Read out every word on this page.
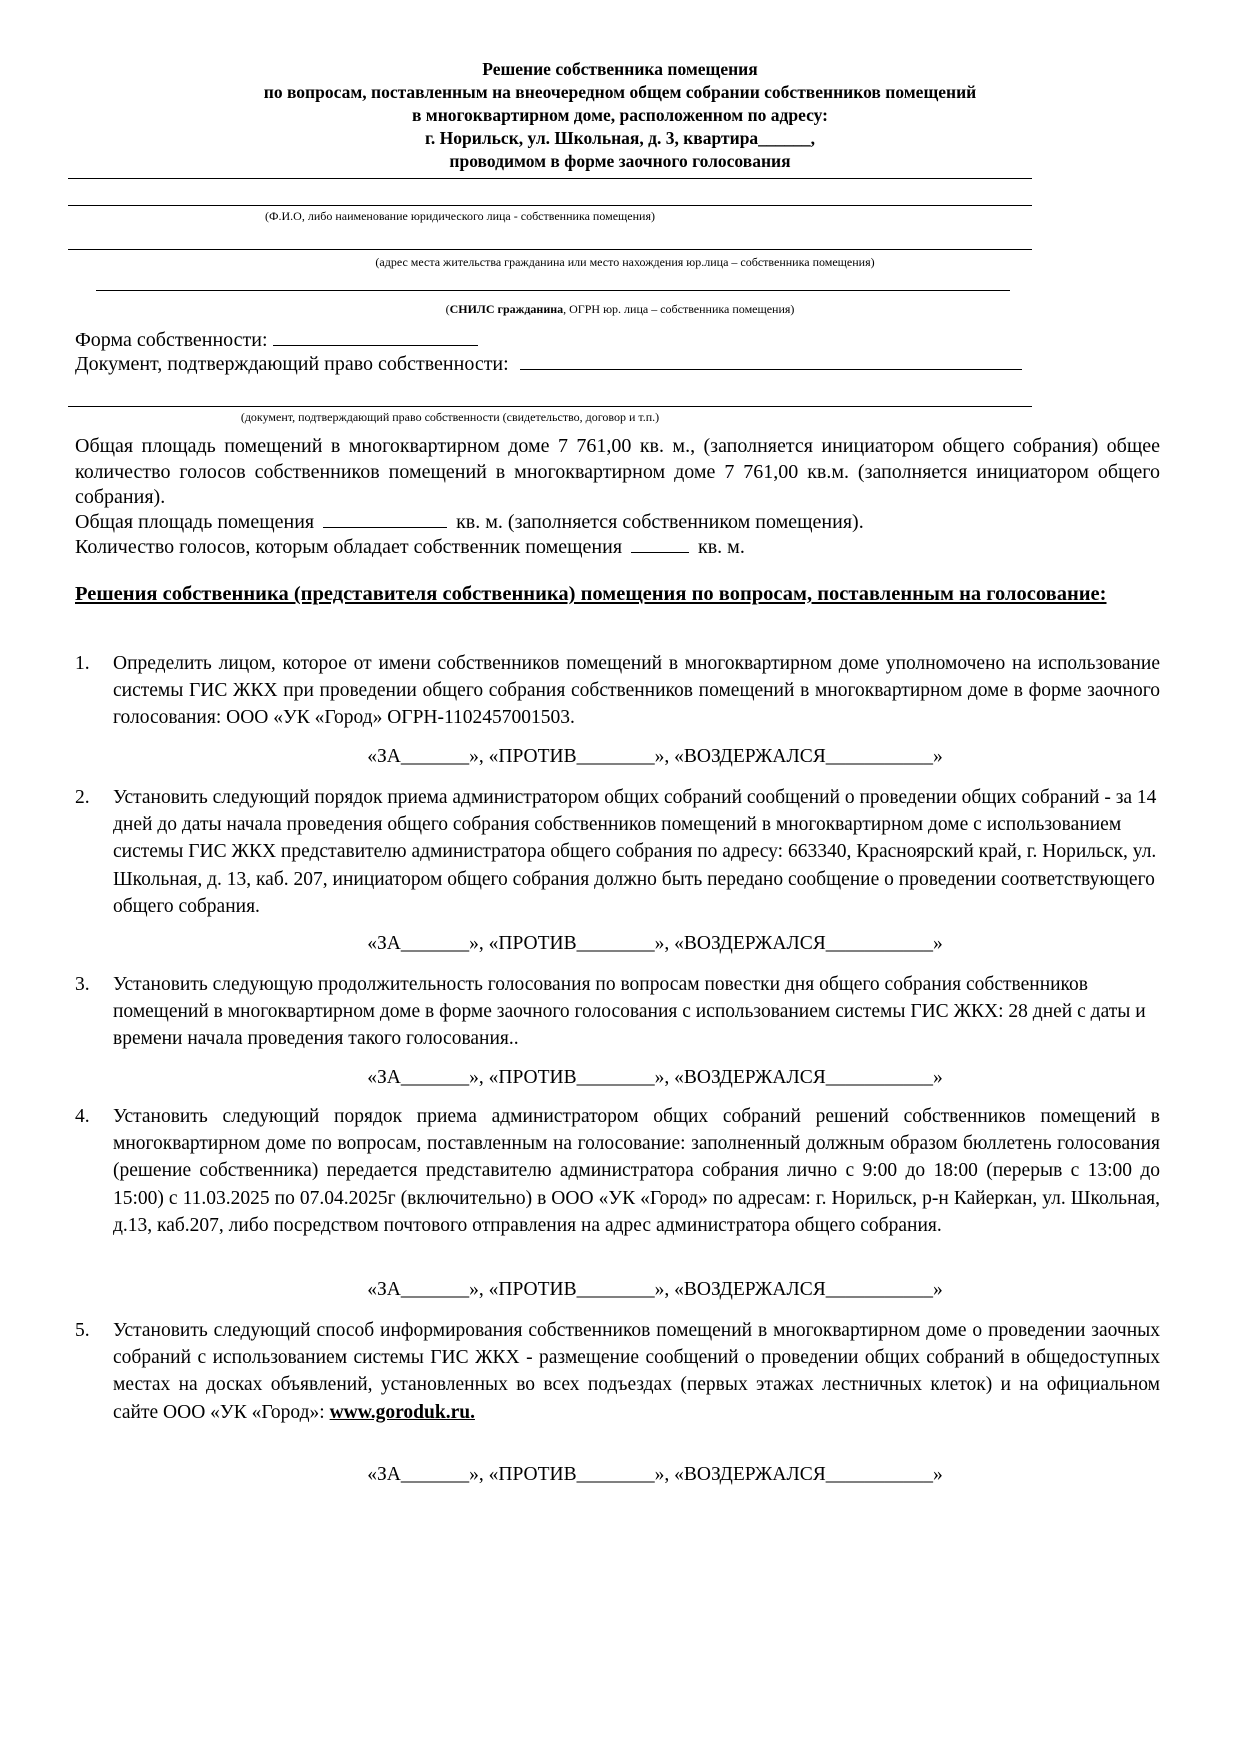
Решение собственника помещения
по вопросам, поставленным на внеочередном общем собрании собственников помещений
в многоквартирном доме, расположенном по адресу:
г. Норильск, ул. Школьная, д. 3, квартира______,
проводимом в форме заочного голосования
(Ф.И.О, либо наименование юридического лица - собственника помещения)
(адрес места жительства гражданина или место нахождения юр.лица – собственника помещения)
(СНИЛС гражданина, ОГРН юр. лица – собственника помещения)
Форма собственности:
Документ, подтверждающий право собственности:
(документ, подтверждающий право собственности (свидетельство, договор и т.п.)
Общая площадь помещений в многоквартирном доме 7 761,00 кв. м., (заполняется инициатором общего собрания) общее количество голосов собственников помещений в многоквартирном доме 7 761,00 кв.м. (заполняется инициатором общего собрания).
Общая площадь помещения	кв. м. (заполняется собственником помещения).
Количество голосов, которым обладает собственник помещения	кв. м.
Решения собственника (представителя собственника) помещения по вопросам, поставленным на голосование:
1. Определить лицом, которое от имени собственников помещений в многоквартирном доме уполномочено на использование системы ГИС ЖКХ при проведении общего собрания собственников помещений в многоквартирном доме в форме заочного голосования: ООО «УК «Город» ОГРН-1102457001503.
«ЗА_______», «ПРОТИВ________», «ВОЗДЕРЖАЛСЯ___________»
2. Установить следующий порядок приема администратором общих собраний сообщений о проведении общих собраний - за 14 дней до даты начала проведения общего собрания собственников помещений в многоквартирном доме с использованием системы ГИС ЖКХ представителю администратора общего собрания по адресу: 663340, Красноярский край, г. Норильск, ул. Школьная, д. 13, каб. 207, инициатором общего собрания должно быть передано сообщение о проведении соответствующего общего собрания.
«ЗА_______», «ПРОТИВ________», «ВОЗДЕРЖАЛСЯ___________»
3. Установить следующую продолжительность голосования по вопросам повестки дня общего собрания собственников помещений в многоквартирном доме в форме заочного голосования с использованием системы ГИС ЖКХ: 28 дней с даты и времени начала проведения такого голосования..
«ЗА_______», «ПРОТИВ________», «ВОЗДЕРЖАЛСЯ___________»
4. Установить следующий порядок приема администратором общих собраний решений собственников помещений в многоквартирном доме по вопросам, поставленным на голосование: заполненный должным образом бюллетень голосования (решение собственника) передается представителю администратора собрания лично с 9:00 до 18:00 (перерыв с 13:00 до 15:00) с 11.03.2025 по 07.04.2025г (включительно) в ООО «УК «Город» по адресам: г. Норильск, р-н Кайеркан, ул. Школьная, д.13, каб.207, либо посредством почтового отправления на адрес администратора общего собрания.
«ЗА_______», «ПРОТИВ________», «ВОЗДЕРЖАЛСЯ___________»
5. Установить следующий способ информирования собственников помещений в многоквартирном доме о проведении заочных собраний с использованием системы ГИС ЖКХ - размещение сообщений о проведении общих собраний в общедоступных местах на досках объявлений, установленных во всех подъездах (первых этажах лестничных клеток) и на официальном сайте ООО «УК «Город»: www.goroduk.ru.
«ЗА_______», «ПРОТИВ________», «ВОЗДЕРЖАЛСЯ___________»
